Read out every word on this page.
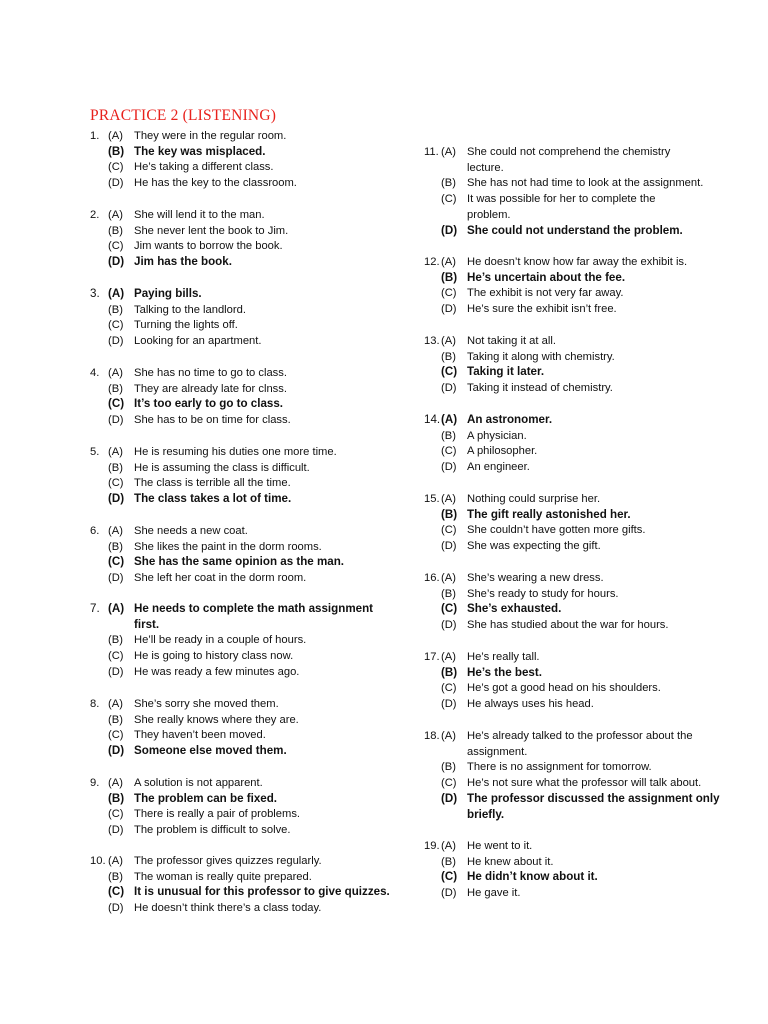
PRACTICE 2 (LISTENING)
1. (A) They were in the regular room.
(B) The key was misplaced.
(C) He’s taking a different class.
(D) He has the key to the classroom.
2. (A) She will lend it to the man.
(B) She never lent the book to Jim.
(C) Jim wants to borrow the book.
(D) Jim has the book.
3. (A) Paying bills.
(B) Talking to the landlord.
(C) Turning the lights off.
(D) Looking for an apartment.
4. (A) She has no time to go to class.
(B) They are already late for clnss.
(C) It’s too early to go to class.
(D) She has to be on time for class.
5. (A) He is resuming his duties one more time.
(B) He is assuming the class is difficult.
(C) The class is terrible all the time.
(D) The class takes a lot of time.
6. (A) She needs a new coat.
(B) She likes the paint in the dorm rooms.
(C) She has the same opinion as the man.
(D) She left her coat in the dorm room.
7. (A) He needs to complete the math assignment
first.
(B) He’ll be ready in a couple of hours.
(C) He is going to history class now.
(D) He was ready a few minutes ago.
8. (A) She’s sorry she moved them.
(B) She really knows where they are.
(C) They haven’t been moved.
(D) Someone else moved them.
9. (A) A solution is not apparent.
(B) The problem can be fixed.
(C) There is really a pair of problems.
(D) The problem is difficult to solve.
10. (A) The professor gives quizzes regularly.
(B) The woman is really quite prepared.
(C) It is unusual for this professor to give quizzes.
(D) He doesn’t think there’s a class today.
11. (A) She could not comprehend the chemistry
lecture.
(B) She has not had time to look at the assignment.
(C) It was possible for her to complete the
problem.
(D) She could not understand the problem.
12. (A) He doesn’t know how far away the exhibit is.
(B) He’s uncertain about the fee.
(C) The exhibit is not very far away.
(D) He’s sure the exhibit isn’t free.
13. (A) Not taking it at all.
(B) Taking it along with chemistry.
(C) Taking it later.
(D) Taking it instead of chemistry.
14. (A) An astronomer.
(B) A physician.
(C) A philosopher.
(D) An engineer.
15. (A) Nothing could surprise her.
(B) The gift really astonished her.
(C) She couldn’t have gotten more gifts.
(D) She was expecting the gift.
16. (A) She’s wearing a new dress.
(B) She’s ready to study for hours.
(C) She’s exhausted.
(D) She has studied about the war for hours.
17. (A) He’s really tall.
(B) He’s the best.
(C) He’s got a good head on his shoulders.
(D) He always uses his head.
18. (A) He’s already talked to the professor about the
assignment.
(B) There is no assignment for tomorrow.
(C) He’s not sure what the professor will talk about.
(D) The professor discussed the assignment only
briefly.
19. (A) He went to it.
(B) He knew about it.
(C) He didn’t know about it.
(D) He gave it.
